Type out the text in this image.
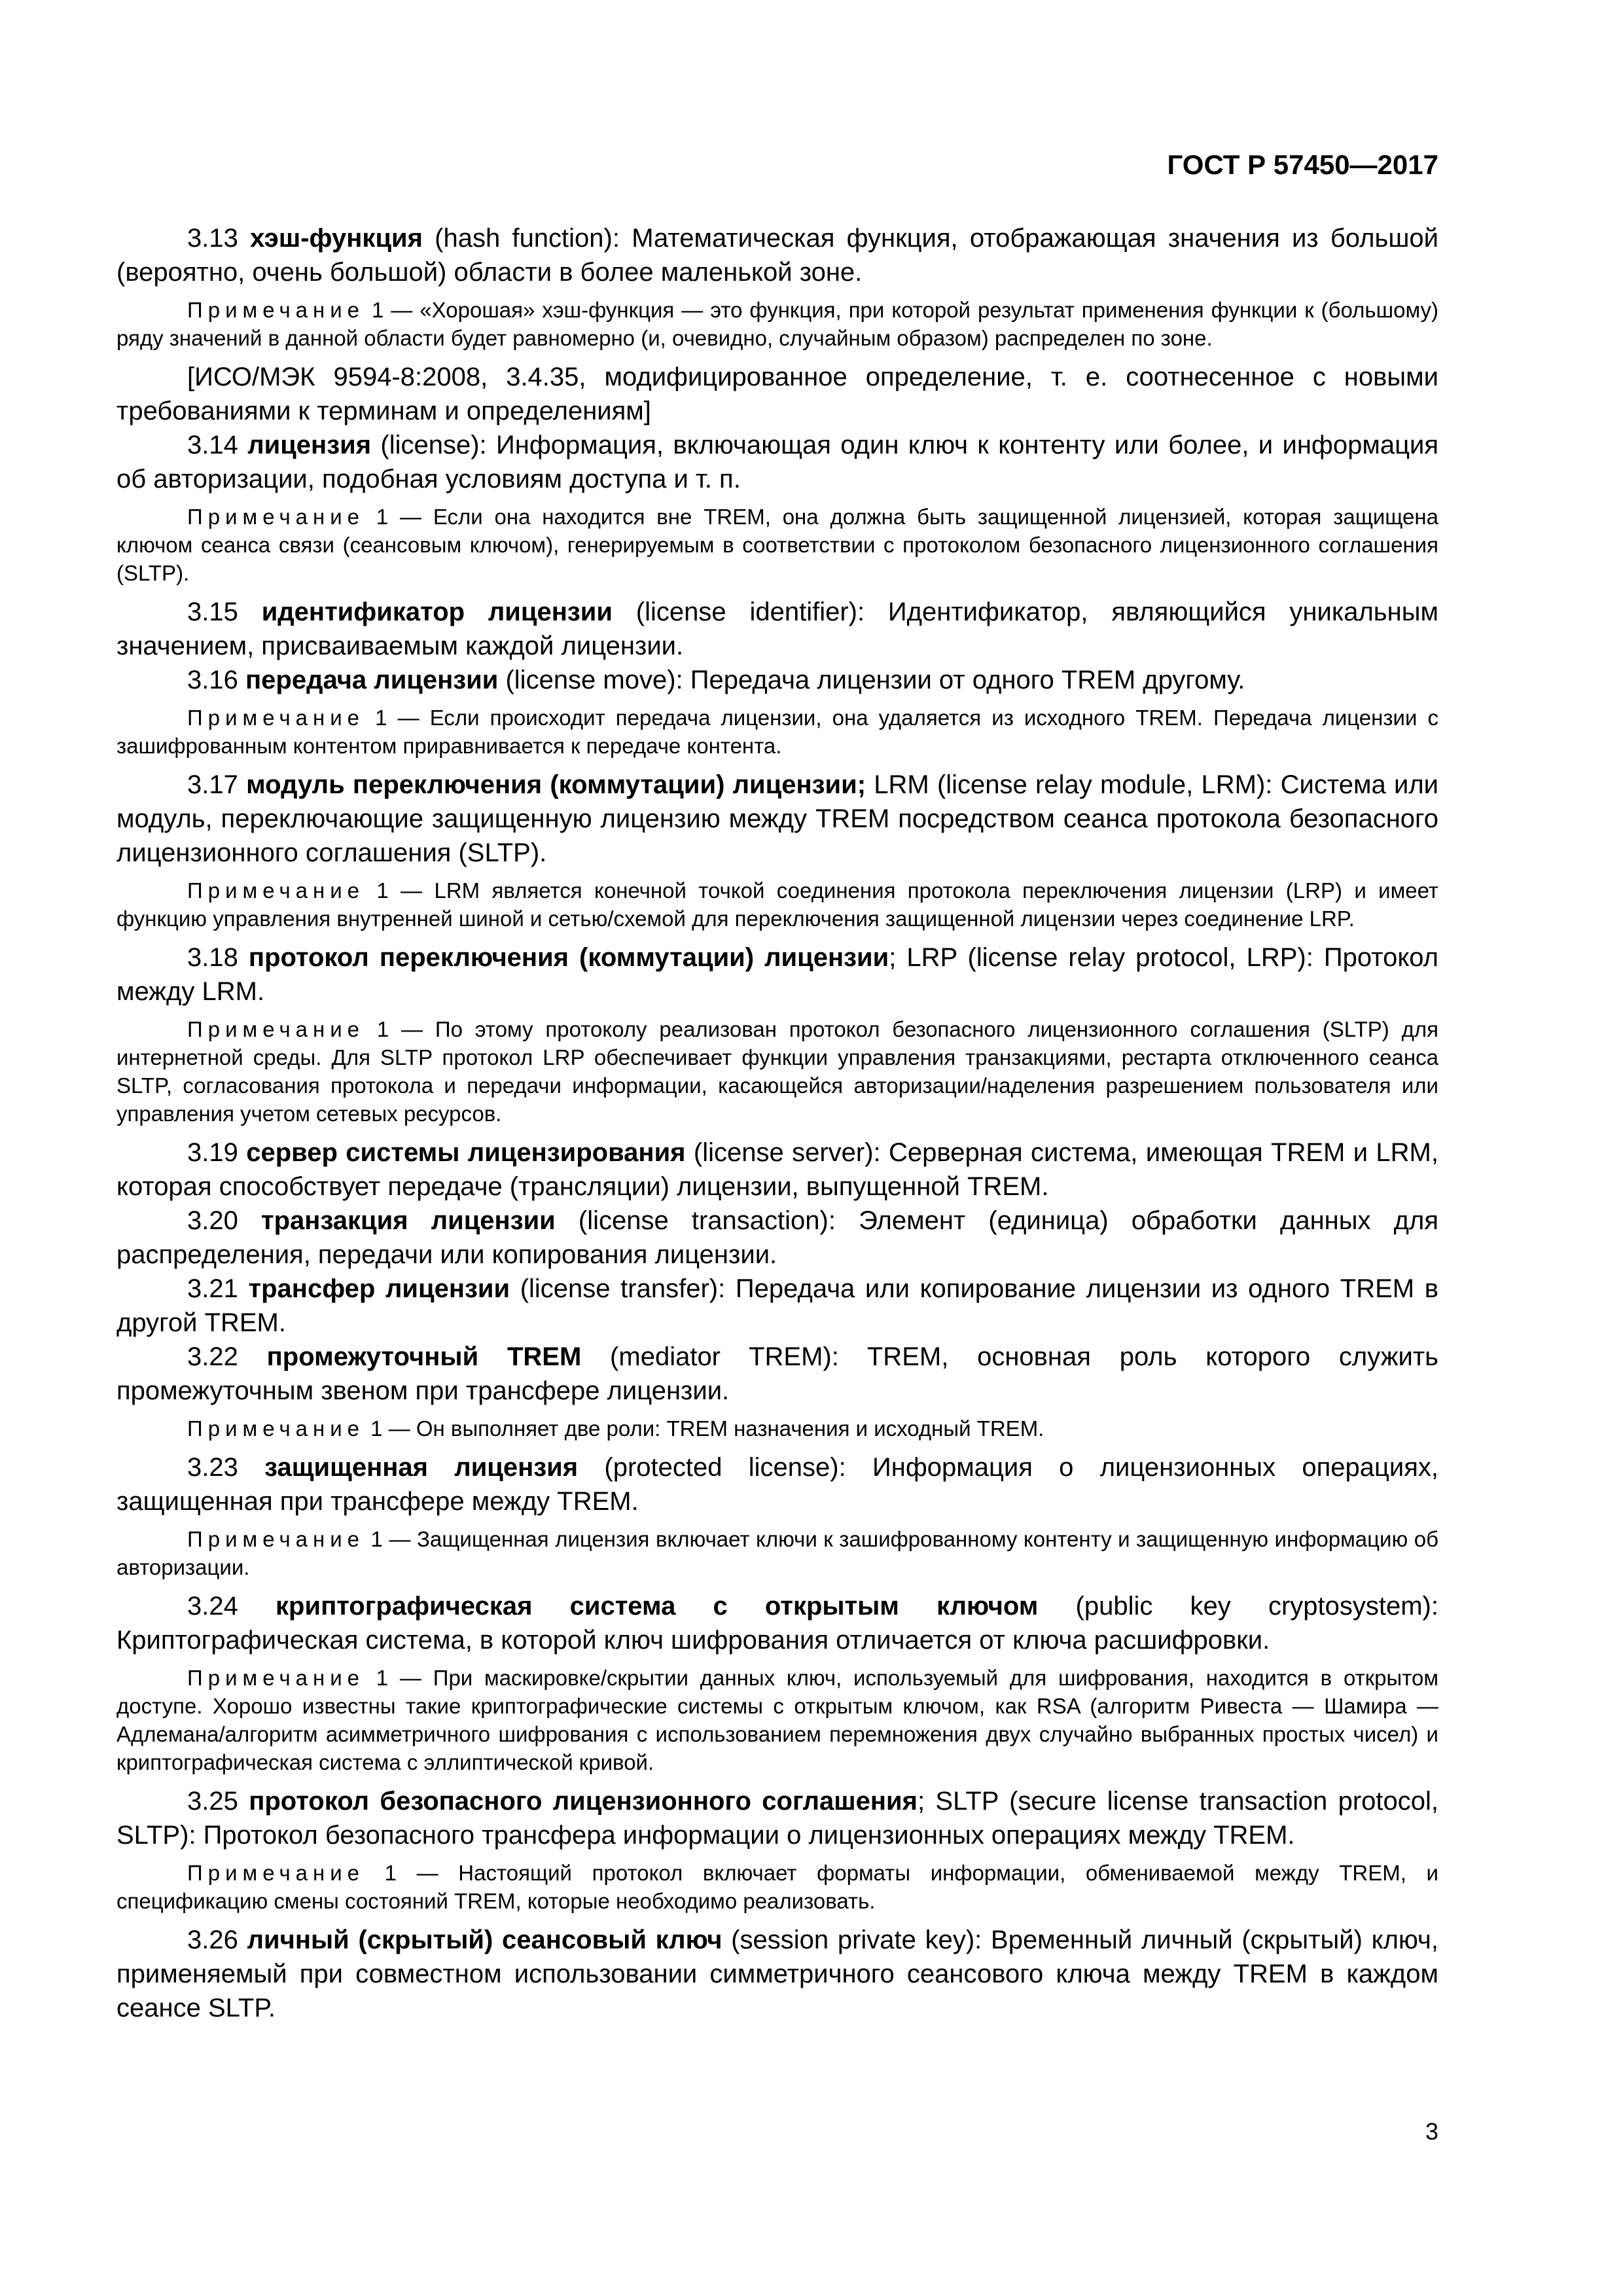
ГОСТ Р 57450—2017

3.13 хэш-функция (hash function): Математическая функция, отображающая значения из большой (вероятно, очень большой) области в более маленькой зоне.

Примечание 1 — «Хорошая» хэш-функция — это функция, при которой результат применения функции к (большому) ряду значений в данной области будет равномерно (и, очевидно, случайным образом) распределен по зоне.

[ИСО/МЭК 9594-8:2008, 3.4.35, модифицированное определение, т. е. соотнесенное с новыми требованиями к терминам и определениям]

3.14 лицензия (license): Информация, включающая один ключ к контенту или более, и информация об авторизации, подобная условиям доступа и т. п.

Примечание 1 — Если она находится вне TREM, она должна быть защищенной лицензией, которая защищена ключом сеанса связи (сеансовым ключом), генерируемым в соответствии с протоколом безопасного лицензионного соглашения (SLTP).

3.15 идентификатор лицензии (license identifier): Идентификатор, являющийся уникальным значением, присваиваемым каждой лицензии.

3.16 передача лицензии (license move): Передача лицензии от одного TREM другому.

Примечание 1 — Если происходит передача лицензии, она удаляется из исходного TREM. Передача лицензии с зашифрованным контентом приравнивается к передаче контента.

3.17 модуль переключения (коммутации) лицензии; LRM (license relay module, LRM): Система или модуль, переключающие защищенную лицензию между TREM посредством сеанса протокола безопасного лицензионного соглашения (SLTP).

Примечание 1 — LRM является конечной точкой соединения протокола переключения лицензии (LRP) и имеет функцию управления внутренней шиной и сетью/схемой для переключения защищенной лицензии через соединение LRP.

3.18 протокол переключения (коммутации) лицензии; LRP (license relay protocol, LRP): Протокол между LRM.

Примечание 1 — По этому протоколу реализован протокол безопасного лицензионного соглашения (SLTP) для интернетной среды. Для SLTP протокол LRP обеспечивает функции управления транзакциями, рестарта отключенного сеанса SLTP, согласования протокола и передачи информации, касающейся авторизации/наделения разрешением пользователя или управления учетом сетевых ресурсов.

3.19 сервер системы лицензирования (license server): Серверная система, имеющая TREM и LRM, которая способствует передаче (трансляции) лицензии, выпущенной TREM.

3.20 транзакция лицензии (license transaction): Элемент (единица) обработки данных для распределения, передачи или копирования лицензии.

3.21 трансфер лицензии (license transfer): Передача или копирование лицензии из одного TREM в другой TREM.

3.22 промежуточный TREM (mediator TREM): TREM, основная роль которого служить промежуточным звеном при трансфере лицензии.

Примечание 1 — Он выполняет две роли: TREM назначения и исходный TREM.

3.23 защищенная лицензия (protected license): Информация о лицензионных операциях, защищенная при трансфере между TREM.

Примечание 1 — Защищенная лицензия включает ключи к зашифрованному контенту и защищенную информацию об авторизации.

3.24 криптографическая система с открытым ключом (public key cryptosystem): Криптографическая система, в которой ключ шифрования отличается от ключа расшифровки.

Примечание 1 — При маскировке/скрытии данных ключ, используемый для шифрования, находится в открытом доступе. Хорошо известны такие криптографические системы с открытым ключом, как RSA (алгоритм Ривеста — Шамира — Адлемана/алгоритм асимметричного шифрования с использованием перемножения двух случайно выбранных простых чисел) и криптографическая система с эллиптической кривой.

3.25 протокол безопасного лицензионного соглашения; SLTP (secure license transaction protocol, SLTP): Протокол безопасного трансфера информации о лицензионных операциях между TREM.

Примечание 1 — Настоящий протокол включает форматы информации, обмениваемой между TREM, и спецификацию смены состояний TREM, которые необходимо реализовать.

3.26 личный (скрытый) сеансовый ключ (session private key): Временный личный (скрытый) ключ, применяемый при совместном использовании симметричного сеансового ключа между TREM в каждом сеансе SLTP.

3
